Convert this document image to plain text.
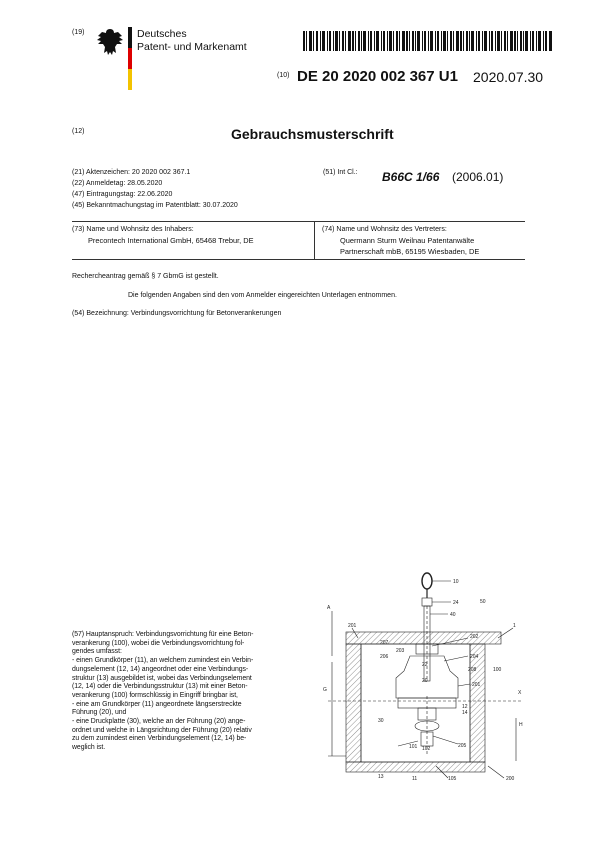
(19)	Deutsches
Patent- und Markenamt
(10) DE 20 2020 002 367 U1 2020.07.30
(12)	Gebrauchsmusterschrift
(21) Aktenzeichen: 20 2020 002 367.1
(22) Anmeldetag: 28.05.2020
(47) Eintragungstag: 22.06.2020
(45) Bekanntmachungstag im Patentblatt: 30.07.2020
(51) Int Cl.: B66C 1/66 (2006.01)
(73) Name und Wohnsitz des Inhabers:
Precontech International GmbH, 65468 Trebur, DE
(74) Name und Wohnsitz des Vertreters:
Quermann Sturm Weilnau Patentanwälte
Partnerschaft mbB, 65195 Wiesbaden, DE
Rechercheantrag gemäß § 7 GbmG ist gestellt.
Die folgenden Angaben sind den vom Anmelder eingereichten Unterlagen entnommen.
(54) Bezeichnung: Verbindungsvorrichtung für Betonverankerungen

(57) Hauptanspruch: Verbindungsvorrichtung für eine Beton-

verankerung (100), wobei die Verbindungsvorrichtung fol-

gendes umfasst:

- einen Grundkörper (11), an welchem zumindest ein Verbin-

dungselement (12, 14) angeordnet oder eine Verbindungs-

struktur (13) ausgebildet ist, wobei das Verbindungselement

(12, 14) oder die Verbindungsstruktur (13) mit einer Beton-

verankerung (100) formschlüssig in Eingriff bringbar ist,

- eine am Grundkörper (11) angeordnete längserstreckte

Führung (20), und

- eine Druckplatte (30), welche an der Führung (20) ange-

ordnet und welche in Längsrichtung der Führung (20) relativ

zu dem zumindest einen Verbindungselement (12, 14) be-

weglich ist.

10
24
40
50
202
204
201
1
201
A
G
H
101	205
20
22
30
102
105	200
13	11
203
207
206
12
14
208
X
100
